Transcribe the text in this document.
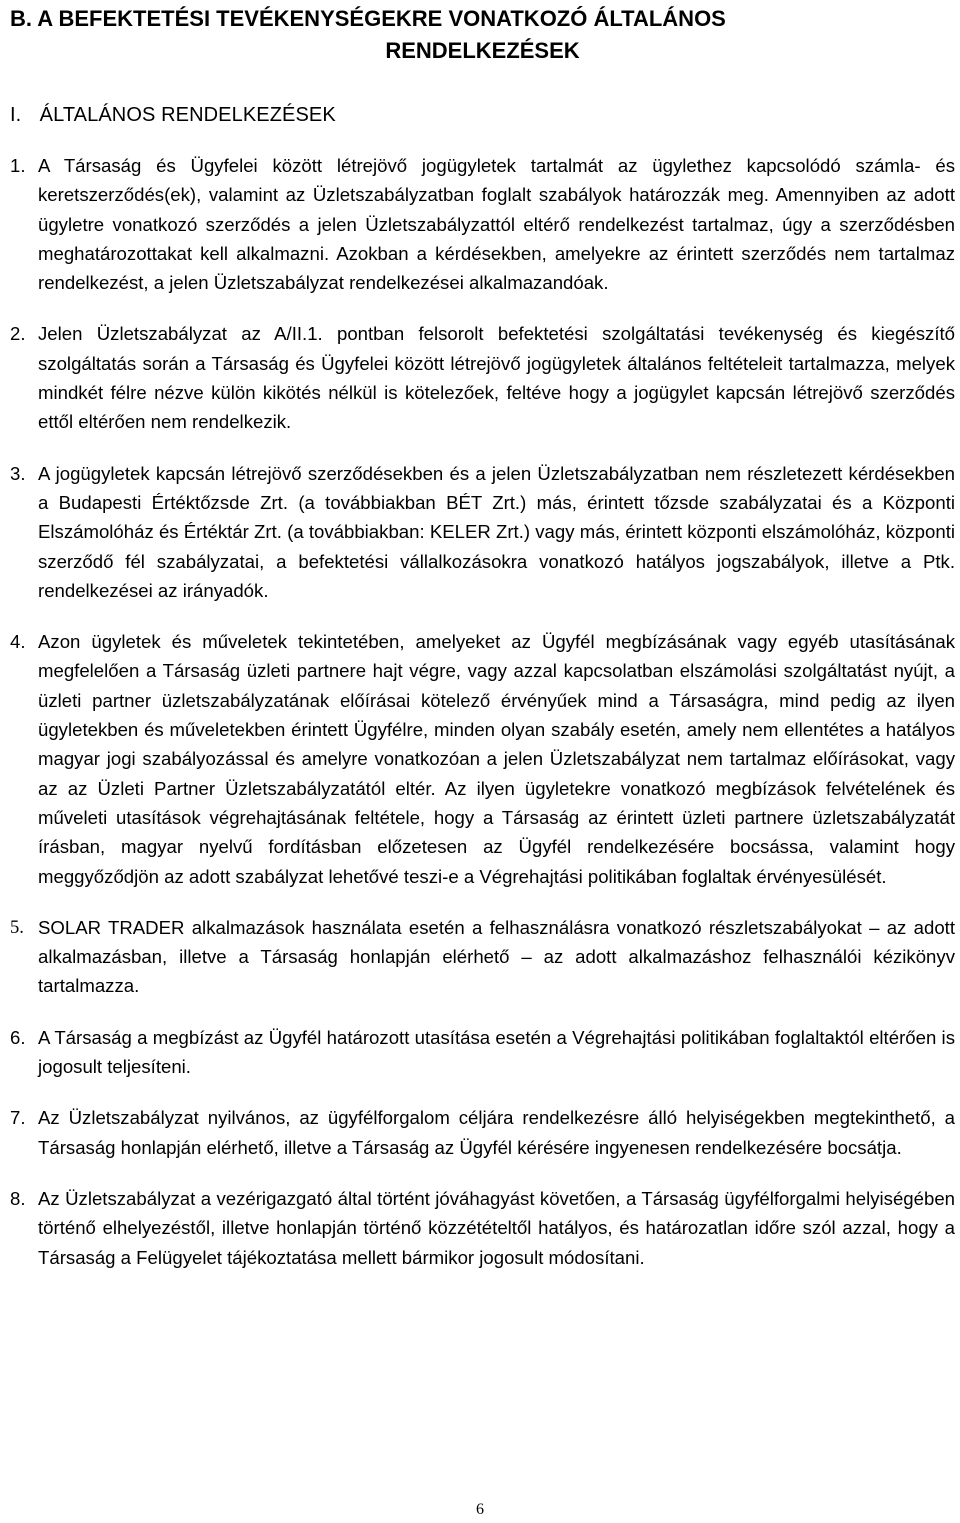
B. A BEFEKTETÉSI TEVÉKENYSÉGEKRE VONATKOZÓ ÁLTALÁNOS
RENDELKEZÉSEK
I. ÁLTALÁNOS RENDELKEZÉSEK
1. A Társaság és Ügyfelei között létrejövő jogügyletek tartalmát az ügylethez kapcsolódó számla- és keretszerződés(ek), valamint az Üzletszabályzatban foglalt szabályok határozzák meg. Amennyiben az adott ügyletre vonatkozó szerződés a jelen Üzletszabályzattól eltérő rendelkezést tartalmaz, úgy a szerződésben meghatározottakat kell alkalmazni. Azokban a kérdésekben, amelyekre az érintett szerződés nem tartalmaz rendelkezést, a jelen Üzletszabályzat rendelkezései alkalmazandóak.
2. Jelen Üzletszabályzat az A/II.1. pontban felsorolt befektetési szolgáltatási tevékenység és kiegészítő szolgáltatás során a Társaság és Ügyfelei között létrejövő jogügyletek általános feltételeit tartalmazza, melyek mindkét félre nézve külön kikötés nélkül is kötelezőek, feltéve hogy a jogügylet kapcsán létrejövő szerződés ettől eltérően nem rendelkezik.
3. A jogügyletek kapcsán létrejövő szerződésekben és a jelen Üzletszabályzatban nem részletezett kérdésekben a Budapesti Értéktőzsde Zrt. (a továbbiakban BÉT Zrt.) más, érintett tőzsde szabályzatai és a Központi Elszámolóház és Értéktár Zrt. (a továbbiakban: KELER Zrt.) vagy más, érintett központi elszámolóház, központi szerződő fél szabályzatai, a befektetési vállalkozásokra vonatkozó hatályos jogszabályok, illetve a Ptk. rendelkezései az irányadók.
4. Azon ügyletek és műveletek tekintetében, amelyeket az Ügyfél megbízásának vagy egyéb utasításának megfelelően a Társaság üzleti partnere hajt végre, vagy azzal kapcsolatban elszámolási szolgáltatást nyújt, a üzleti partner üzletszabályzatának előírásai kötelező érvényűek mind a Társaságra, mind pedig az ilyen ügyletekben és műveletekben érintett Ügyfélre, minden olyan szabály esetén, amely nem ellentétes a hatályos magyar jogi szabályozással és amelyre vonatkozóan a jelen Üzletszabályzat nem tartalmaz előírásokat, vagy az az Üzleti Partner Üzletszabályzatától eltér. Az ilyen ügyletekre vonatkozó megbízások felvételének és műveleti utasítások végrehajtásának feltétele, hogy a Társaság az érintett üzleti partnere üzletszabályzatát írásban, magyar nyelvű fordításban előzetesen az Ügyfél rendelkezésére bocsássa, valamint hogy meggyőződjön az adott szabályzat lehetővé teszi-e a Végrehajtási politikában foglaltak érvényesülését.
5. SOLAR TRADER alkalmazások használata esetén a felhasználásra vonatkozó részletszabályokat – az adott alkalmazásban, illetve a Társaság honlapján elérhető – az adott alkalmazáshoz felhasználói kézikönyv tartalmazza.
6. A Társaság a megbízást az Ügyfél határozott utasítása esetén a Végrehajtási politikában foglaltaktól eltérően is jogosult teljesíteni.
7. Az Üzletszabályzat nyilvános, az ügyfélforgalom céljára rendelkezésre álló helyiségekben megtekinthető, a Társaság honlapján elérhető, illetve a Társaság az Ügyfél kérésére ingyenesen rendelkezésére bocsátja.
8. Az Üzletszabályzat a vezérigazgató által történt jóváhagyást követően, a Társaság ügyfélforgalmi helyiségében történő elhelyezéstől, illetve honlapján történő közzétételtől hatályos, és határozatlan időre szól azzal, hogy a Társaság a Felügyelet tájékoztatása mellett bármikor jogosult módosítani.
6
